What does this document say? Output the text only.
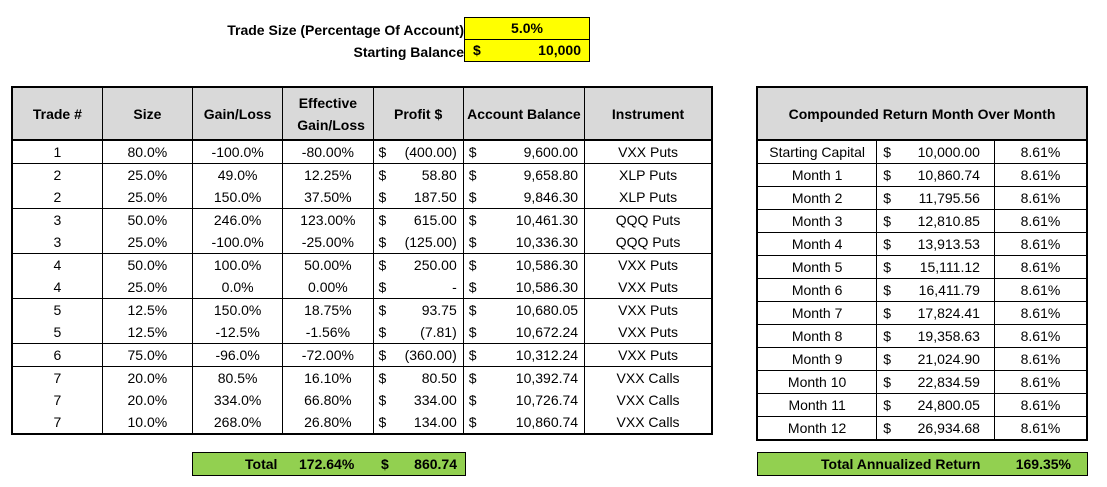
Trade Size (Percentage Of Account)	5.0%
Starting Balance $	10,000
Trade #	Size	Gain/Loss	Effective Gain/Loss	Profit $	Account Balance	Instrument
1	80.0%	-100.0%	-80.00%	$ (400.00)	$ 9,600.00	VXX Puts
2	25.0%	49.0%	12.25%	$ 58.80	$ 9,658.80	XLP Puts
2	25.0%	150.0%	37.50%	$ 187.50	$ 9,846.30	XLP Puts
3	50.0%	246.0%	123.00%	$ 615.00	$ 10,461.30	QQQ Puts
3	25.0%	-100.0%	-25.00%	$ (125.00)	$ 10,336.30	QQQ Puts
4	50.0%	100.0%	50.00%	$ 250.00	$ 10,586.30	VXX Puts
4	25.0%	0.0%	0.00%	$ -	$ 10,586.30	VXX Puts
5	12.5%	150.0%	18.75%	$ 93.75	$ 10,680.05	VXX Puts
5	12.5%	-12.5%	-1.56%	$ (7.81)	$ 10,672.24	VXX Puts
6	75.0%	-96.0%	-72.00%	$ (360.00)	$ 10,312.24	VXX Puts
7	20.0%	80.5%	16.10%	$ 80.50	$ 10,392.74	VXX Calls
7	20.0%	334.0%	66.80%	$ 334.00	$ 10,726.74	VXX Calls
7	10.0%	268.0%	26.80%	$ 134.00	$ 10,860.74	VXX Calls
Compounded Return Month Over Month		
Starting Capital	$ 10,000.00	8.61%
Month 1	$ 10,860.74	8.61%
Month 2	$ 11,795.56	8.61%
Month 3	$ 12,810.85	8.61%
Month 4	$ 13,913.53	8.61%
Month 5	$ 15,111.12	8.61%
Month 6	$ 16,411.79	8.61%
Month 7	$ 17,824.41	8.61%
Month 8	$ 19,358.63	8.61%
Month 9	$ 21,024.90	8.61%
Month 10	$ 22,834.59	8.61%
Month 11	$ 24,800.05	8.61%
Month 12	$ 26,934.68	8.61%
Total 172.64% $ 860.74	Total Annualized Return	169.35%
